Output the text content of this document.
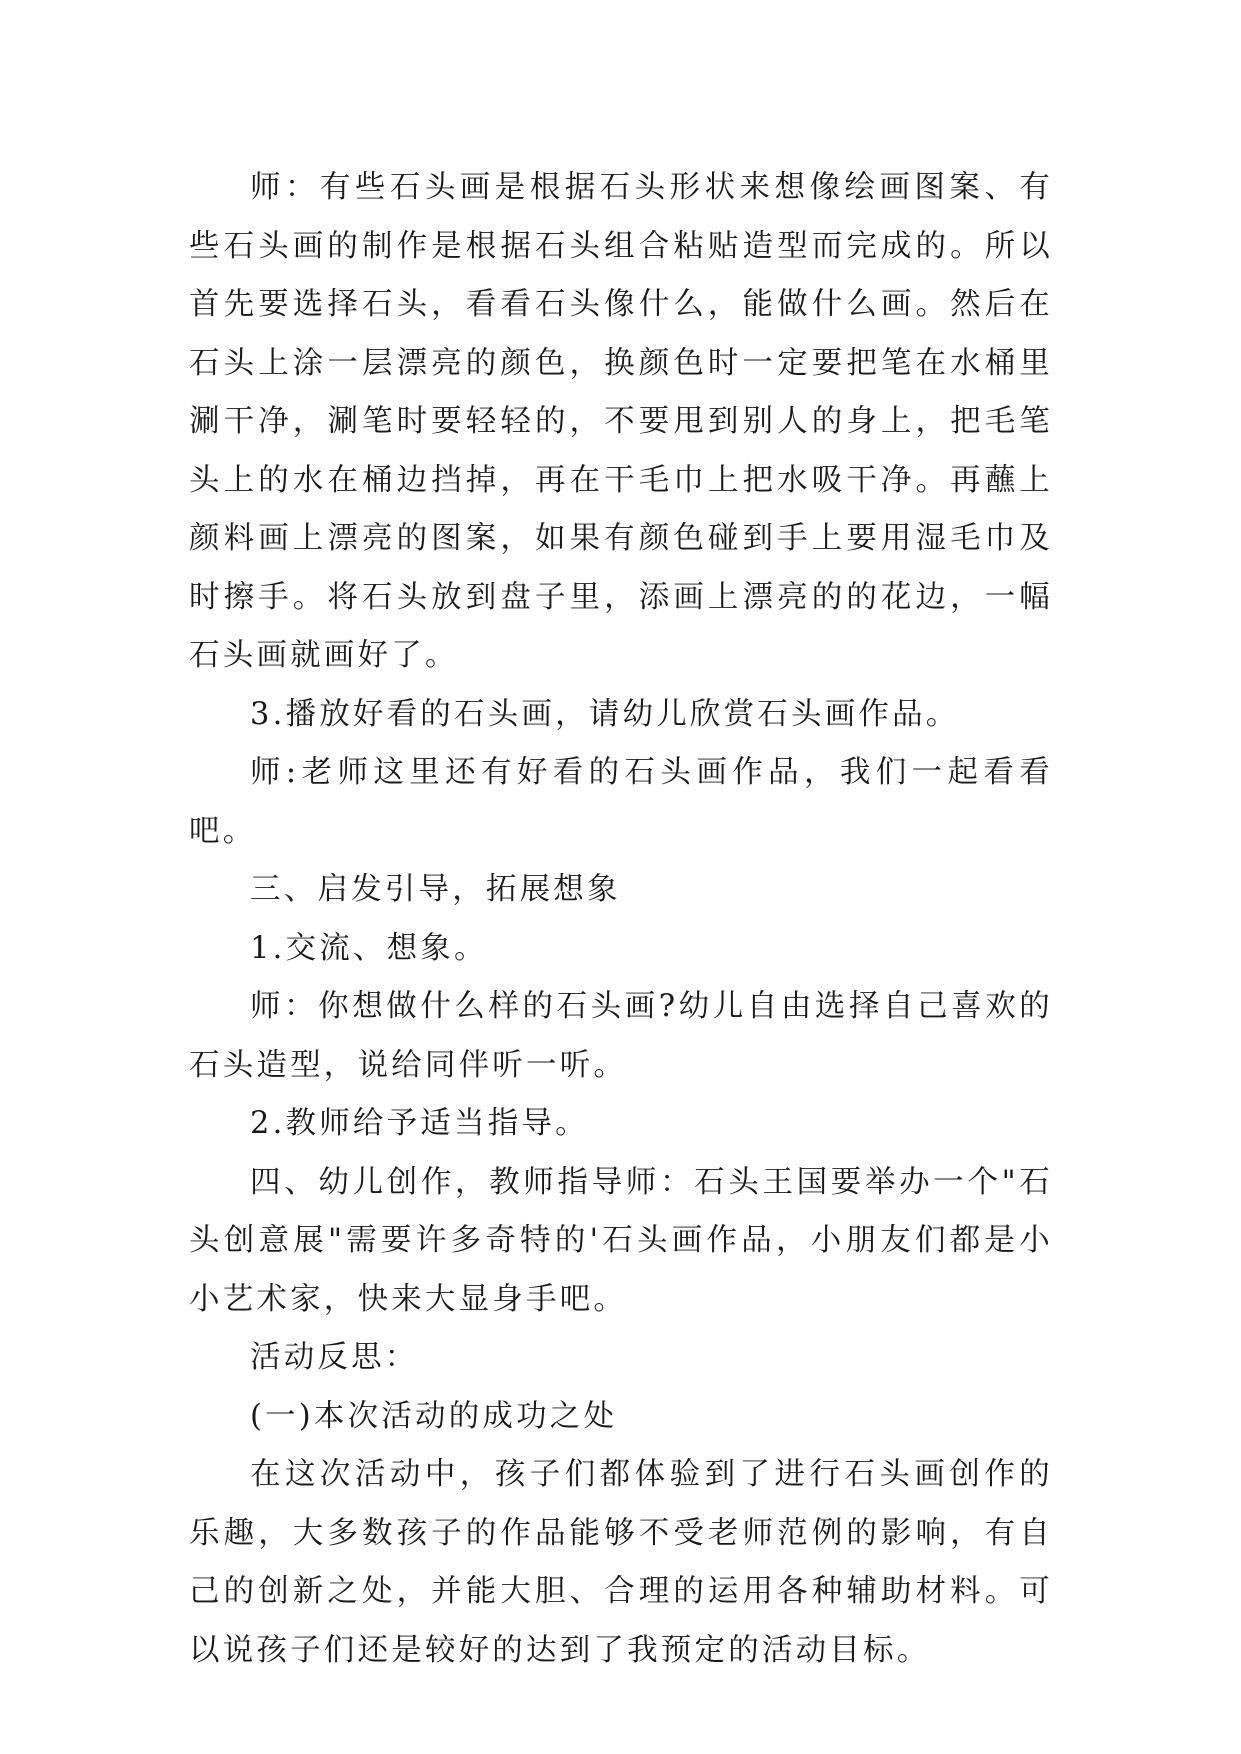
师：有些石头画是根据石头形状来想像绘画图案、有些石头画的制作是根据石头组合粘贴造型而完成的。所以首先要选择石头，看看石头像什么，能做什么画。然后在石头上涂一层漂亮的颜色，换颜色时一定要把笔在水桶里涮干净，涮笔时要轻轻的，不要甩到别人的身上，把毛笔头上的水在桶边挡掉，再在干毛巾上把水吸干净。再蘸上颜料画上漂亮的图案，如果有颜色碰到手上要用湿毛巾及时擦手。将石头放到盘子里，添画上漂亮的的花边，一幅石头画就画好了。

3.播放好看的石头画，请幼儿欣赏石头画作品。

师:老师这里还有好看的石头画作品，我们一起看看吧。

三、启发引导，拓展想象

1.交流、想象。

师：你想做什么样的石头画?幼儿自由选择自己喜欢的石头造型，说给同伴听一听。

2.教师给予适当指导。

四、幼儿创作，教师指导师：石头王国要举办一个"石头创意展"需要许多奇特的'石头画作品，小朋友们都是小小艺术家，快来大显身手吧。

活动反思：

(一)本次活动的成功之处

在这次活动中，孩子们都体验到了进行石头画创作的乐趣，大多数孩子的作品能够不受老师范例的影响，有自己的创新之处，并能大胆、合理的运用各种辅助材料。可以说孩子们还是较好的达到了我预定的活动目标。
